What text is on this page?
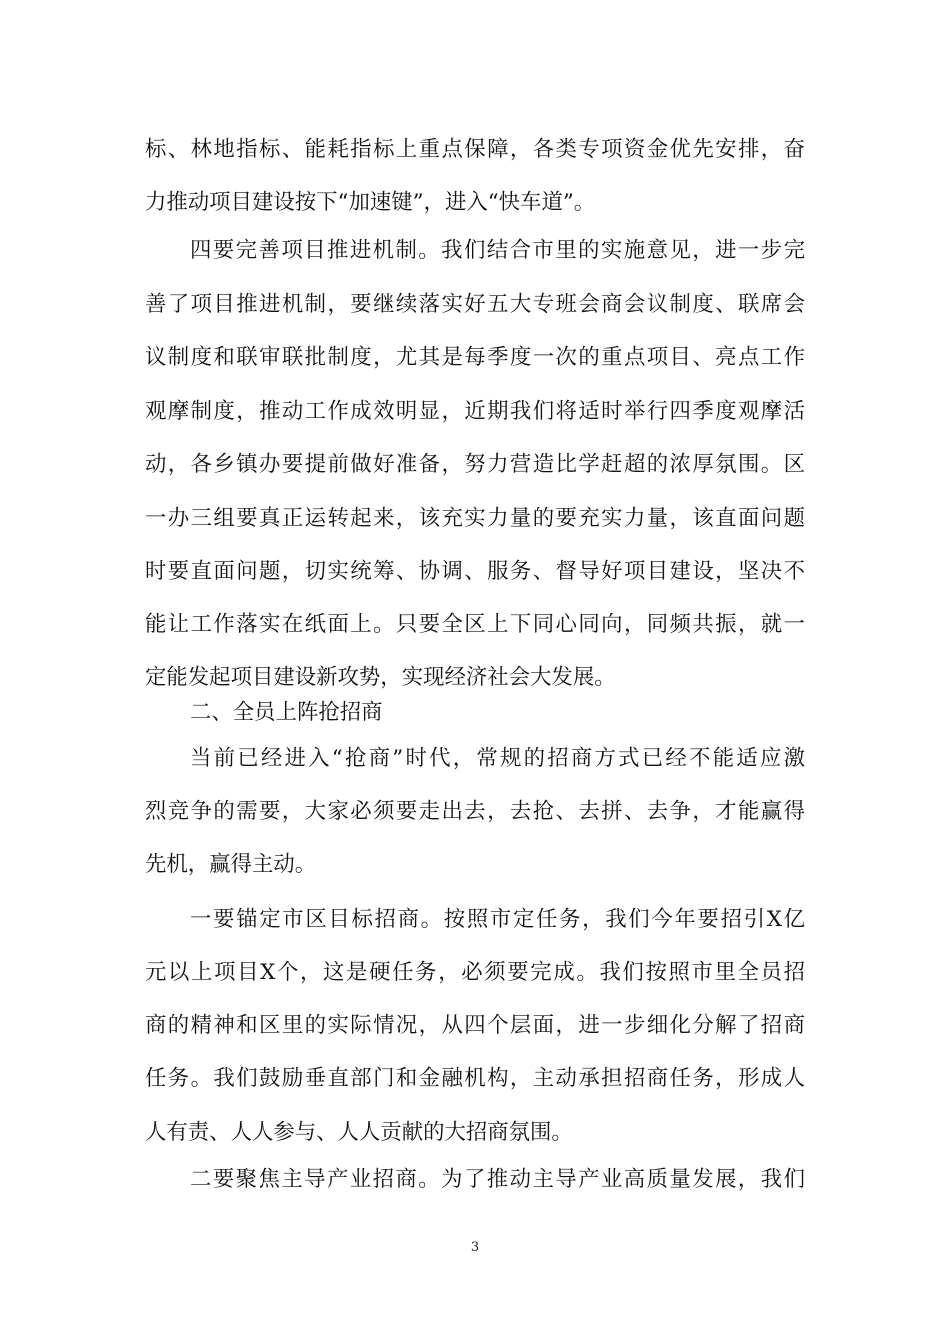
标、林地指标、能耗指标上重点保障，各类专项资金优先安排，奋
力推动项目建设按下“加速键”，进入“快车道”。
四要完善项目推进机制。我们结合市里的实施意见，进一步完
善了项目推进机制，要继续落实好五大专班会商会议制度、联席会
议制度和联审联批制度，尤其是每季度一次的重点项目、亮点工作
观摩制度，推动工作成效明显，近期我们将适时举行四季度观摩活
动，各乡镇办要提前做好准备，努力营造比学赶超的浓厚氛围。区
一办三组要真正运转起来，该充实力量的要充实力量，该直面问题
时要直面问题，切实统筹、协调、服务、督导好项目建设，坚决不
能让工作落实在纸面上。只要全区上下同心同向，同频共振，就一
定能发起项目建设新攻势，实现经济社会大发展。
二、全员上阵抢招商
当前已经进入“抢商”时代，常规的招商方式已经不能适应激
烈竞争的需要，大家必须要走出去，去抢、去拼、去争，才能赢得
先机，赢得主动。
一要锚定市区目标招商。按照市定任务，我们今年要招引X亿
元以上项目X个，这是硬任务，必须要完成。我们按照市里全员招
商的精神和区里的实际情况，从四个层面，进一步细化分解了招商
任务。我们鼓励垂直部门和金融机构，主动承担招商任务，形成人
人有责、人人参与、人人贡献的大招商氛围。
二要聚焦主导产业招商。为了推动主导产业高质量发展，我们
3
